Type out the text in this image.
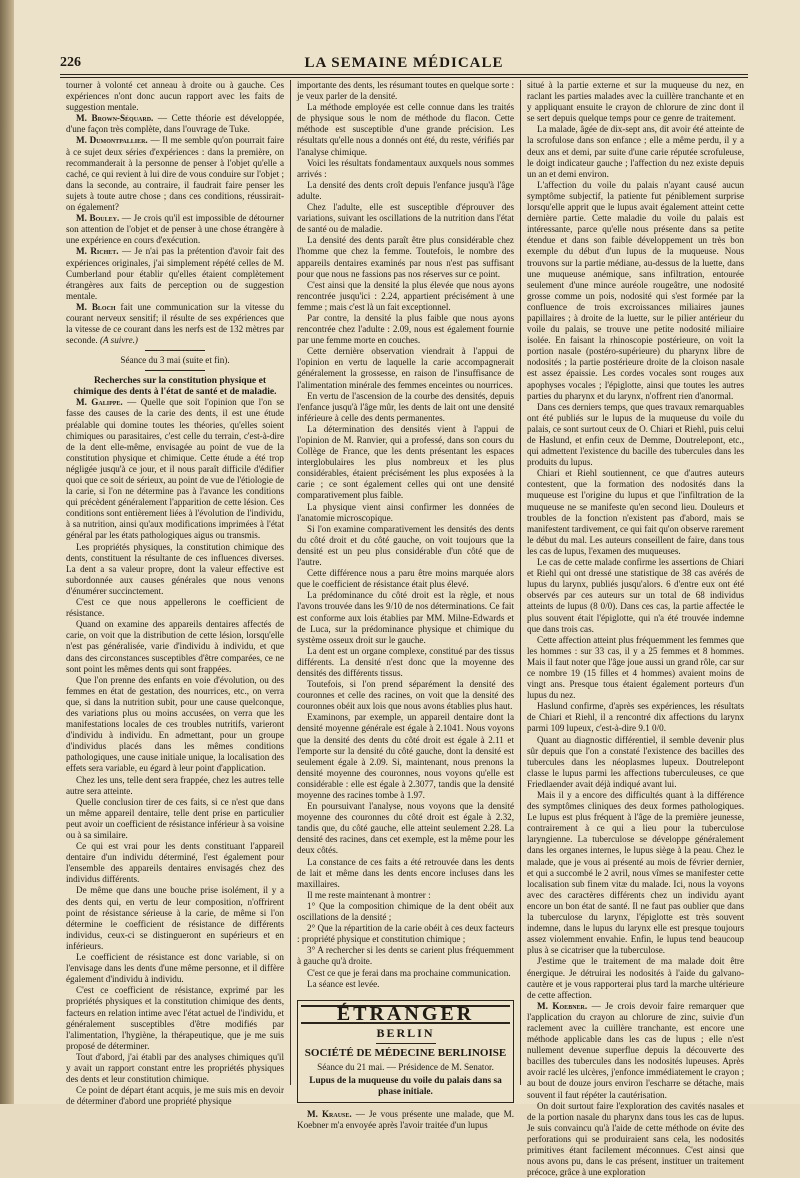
226	LA SEMAINE MÉDICALE

tourner à volonté cet anneau à droite ou à gauche. Ces expériences n'ont donc aucun rapport avec les faits de suggestion mentale.

M. Brown-Séquard. — Cette théorie est développée, d'une façon très complète, dans l'ouvrage de Tuke.

M. Dumontpallier. — Il me semble qu'on pourrait faire à ce sujet deux séries d'expériences : dans la première, on recommanderait à la personne de penser à l'objet qu'elle a caché, ce qui revient à lui dire de vous conduire sur l'objet ; dans la seconde, au contraire, il faudrait faire penser les sujets à toute autre chose ; dans ces conditions, réussirait-on également?

M. Bouley. — Je crois qu'il est impossible de détourner son attention de l'objet et de penser à une chose étrangère à une expérience en cours d'exécution.

M. Richet. — Je n'ai pas la prétention d'avoir fait des expériences originales, j'ai simplement répété celles de M. Cumberland pour établir qu'elles étaient complètement étrangères aux faits de perception ou de suggestion mentale.

M. Bloch fait une communication sur la vitesse du courant nerveux sensitif; il résulte de ses expériences que la vitesse de ce courant dans les nerfs est de 132 mètres par seconde. (A suivre.)

Séance du 3 mai (suite et fin).

Recherches sur la constitution physique et chimique des dents à l'état de santé et de maladie.

M. Galippe. — Quelle que soit l'opinion que l'on se fasse des causes de la carie des dents, il est une étude préalable qui domine toutes les théories, qu'elles soient chimiques ou parasitaires, c'est celle du terrain, c'est-à-dire de la dent elle-même, envisagée au point de vue de la constitution physique et chimique. Cette étude a été trop négligée jusqu'à ce jour, et il nous paraît difficile d'édifier quoi que ce soit de sérieux, au point de vue de l'étiologie de la carie, si l'on ne détermine pas à l'avance les conditions qui précèdent généralement l'apparition de cette lésion. Ces conditions sont entièrement liées à l'évolution de l'individu, à sa nutrition, ainsi qu'aux modifications imprimées à l'état général par les états pathologiques aigus ou transmis.

Les propriétés physiques, la constitution chimique des dents, constituent la résultante de ces influences diverses. La dent a sa valeur propre, dont la valeur effective est subordonnée aux causes générales que nous venons d'énumérer succinctement.

C'est ce que nous appellerons le coefficient de résistance.

Quand on examine des appareils dentaires affectés de carie, on voit que la distribution de cette lésion, lorsqu'elle n'est pas généralisée, varie d'individu à individu, et que dans des circonstances susceptibles d'être comparées, ce ne sont point les mêmes dents qui sont frappées.

Que l'on prenne des enfants en voie d'évolution, ou des femmes en état de gestation, des nourrices, etc., on verra que, si dans la nutrition subit, pour une cause quelconque, des variations plus ou moins accusées, on verra que les manifestations locales de ces troubles nutritifs, varieront d'individu à individu. En admettant, pour un groupe d'individus placés dans les mêmes conditions pathologiques, une cause initiale unique, la localisation des effets sera variable, eu égard à leur point d'application.

Chez les uns, telle dent sera frappée, chez les autres telle autre sera atteinte.

Quelle conclusion tirer de ces faits, si ce n'est que dans un même appareil dentaire, telle dent prise en particulier peut avoir un coefficient de résistance inférieur à sa voisine ou à sa similaire.

Ce qui est vrai pour les dents constituant l'appareil dentaire d'un individu déterminé, l'est également pour l'ensemble des appareils dentaires envisagés chez des individus différents.

De même que dans une bouche prise isolément, il y a des dents qui, en vertu de leur composition, n'offrirent point de résistance sérieuse à la carie, de même si l'on détermine le coefficient de résistance de différents individus, ceux-ci se distingueront en supérieurs et en inférieurs.

Le coefficient de résistance est donc variable, si on l'envisage dans les dents d'une même personne, et il diffère également d'individu à individu.

C'est ce coefficient de résistance, exprimé par les propriétés physiques et la constitution chimique des dents, facteurs en relation intime avec l'état actuel de l'individu, et généralement susceptibles d'être modifiés par l'alimentation, l'hygiène, la thérapeutique, que je me suis proposé de déterminer.

Tout d'abord, j'ai établi par des analyses chimiques qu'il y avait un rapport constant entre les propriétés physiques des dents et leur constitution chimique.

Ce point de départ étant acquis, je me suis mis en devoir de déterminer d'abord une propriété physique

importante des dents, les résumant toutes en quelque sorte : je veux parler de la densité.

La méthode employée est celle connue dans les traités de physique sous le nom de méthode du flacon. Cette méthode est susceptible d'une grande précision. Les résultats qu'elle nous a donnés ont été, du reste, vérifiés par l'analyse chimique.

Voici les résultats fondamentaux auxquels nous sommes arrivés :

La densité des dents croît depuis l'enfance jusqu'à l'âge adulte.

Chez l'adulte, elle est susceptible d'éprouver des variations, suivant les oscillations de la nutrition dans l'état de santé ou de maladie.

La densité des dents paraît être plus considérable chez l'homme que chez la femme. Toutefois, le nombre des appareils dentaires examinés par nous n'est pas suffisant pour que nous ne fassions pas nos réserves sur ce point.

C'est ainsi que la densité la plus élevée que nous ayons rencontrée jusqu'ici : 2.24, appartient précisément à une femme ; mais c'est là un fait exceptionnel.

Par contre, la densité la plus faible que nous ayons rencontrée chez l'adulte : 2.09, nous est également fournie par une femme morte en couches.

Cette dernière observation viendrait à l'appui de l'opinion en vertu de laquelle la carie accompagnerait généralement la grossesse, en raison de l'insuffisance de l'alimentation minérale des femmes enceintes ou nourrices.

En vertu de l'ascension de la courbe des densités, depuis l'enfance jusqu'à l'âge mûr, les dents de lait ont une densité inférieure à celle des dents permanentes.

La détermination des densités vient à l'appui de l'opinion de M. Ranvier, qui a professé, dans son cours du Collège de France, que les dents présentant les espaces interglobulaires les plus nombreux et les plus considérables, étaient précisément les plus exposées à la carie ; ce sont également celles qui ont une densité comparativement plus faible.

La physique vient ainsi confirmer les données de l'anatomie microscopique.

Si l'on examine comparativement les densités des dents du côté droit et du côté gauche, on voit toujours que la densité est un peu plus considérable d'un côté que de l'autre.

Cette différence nous a paru être moins marquée alors que le coefficient de résistance était plus élevé.

La prédominance du côté droit est la règle, et nous l'avons trouvée dans les 9/10 de nos déterminations. Ce fait est conforme aux lois établies par MM. Milne-Edwards et de Luca, sur la prédominance physique et chimique du système osseux droit sur le gauche.

La dent est un organe complexe, constitué par des tissus différents. La densité n'est donc que la moyenne des densités des différents tissus.

Toutefois, si l'on prend séparément la densité des couronnes et celle des racines, on voit que la densité des couronnes obéit aux lois que nous avons établies plus haut.

Examinons, par exemple, un appareil dentaire dont la densité moyenne générale est égale à 2.1041. Nous voyons que la densité des dents du côté droit est égale à 2.11 et l'emporte sur la densité du côté gauche, dont la densité est seulement égale à 2.09. Si, maintenant, nous prenons la densité moyenne des couronnes, nous voyons qu'elle est considérable : elle est égale à 2.3077, tandis que la densité moyenne des racines tombe à 1.97.

En poursuivant l'analyse, nous voyons que la densité moyenne des couronnes du côté droit est égale à 2.32, tandis que, du côté gauche, elle atteint seulement 2.28. La densité des racines, dans cet exemple, est la même pour les deux côtés.

La constance de ces faits a été retrouvée dans les dents de lait et même dans les dents encore incluses dans les maxillaires.

Il me reste maintenant à montrer :

1° Que la composition chimique de la dent obéit aux oscillations de la densité ;

2° Que la répartition de la carie obéit à ces deux facteurs : propriété physique et constitution chimique ;

3° A rechercher si les dents se carient plus fréquemment à gauche qu'à droite.

C'est ce que je ferai dans ma prochaine communication.

La séance est levée.

ÉTRANGER
BERLIN
SOCIÉTÉ DE MÉDECINE BERLINOISE
Séance du 21 mai. — Présidence de M. Senator.
Lupus de la muqueuse du voile du palais dans sa phase initiale.

M. Krause. — Je vous présente une malade, que M. Koebner m'a envoyée après l'avoir traitée d'un lupus

situé à la partie externe et sur la muqueuse du nez, en raclant les parties malades avec la cuillère tranchante et en y appliquant ensuite le crayon de chlorure de zinc dont il se sert depuis quelque temps pour ce genre de traitement.

La malade, âgée de dix-sept ans, dit avoir été atteinte de la scrofulose dans son enfance ; elle a même perdu, il y a deux ans et demi, par suite d'une carie réputée scrofuleuse, le doigt indicateur gauche ; l'affection du nez existe depuis un an et demi environ.

L'affection du voile du palais n'ayant causé aucun symptôme subjectif, la patiente fut péniblement surprise lorsqu'elle apprit que le lupus avait également atteint cette dernière partie. Cette maladie du voile du palais est intéressante, parce qu'elle nous présente dans sa petite étendue et dans son faible développement un très bon exemple du début d'un lupus de la muqueuse. Nous trouvons sur la partie médiane, au-dessus de la luette, dans une muqueuse anémique, sans infiltration, entourée seulement d'une mince auréole rougeâtre, une nodosité grosse comme un pois, nodosité qui s'est formée par la confluence de trois excroissances miliaires jaunes papillaires ; à droite de la luette, sur le pilier antérieur du voile du palais, se trouve une petite nodosité miliaire isolée. En faisant la rhinoscopie postérieure, on voit la portion nasale (postéro-supérieure) du pharynx libre de nodosités ; la partie postérieure droite de la cloison nasale est assez épaissie. Les cordes vocales sont rouges aux apophyses vocales ; l'épiglotte, ainsi que toutes les autres parties du pharynx et du larynx, n'offrent rien d'anormal.

Dans ces derniers temps, que ques travaux remarquables ont été publiés sur le lupus de la muqueuse du voile du palais, ce sont surtout ceux de O. Chiari et Riehl, puis celui de Haslund, et enfin ceux de Demme, Doutrelepont, etc., qui admettent l'existence du bacille des tubercules dans les produits du lupus.

Chiari et Riehl soutiennent, ce que d'autres auteurs contestent, que la formation des nodosités dans la muqueuse est l'origine du lupus et que l'infiltration de la muqueuse ne se manifeste qu'en second lieu. Douleurs et troubles de la fonction n'existent pas d'abord, mais se manifestent tardivement, ce qui fait qu'on observe rarement le début du mal. Les auteurs conseillent de faire, dans tous les cas de lupus, l'examen des muqueuses.

Le cas de cette malade confirme les assertions de Chiari et Riehl qui ont dressé une statistique de 38 cas avérés de lupus du larynx, publiés jusqu'alors. 6 d'entre eux ont été observés par ces auteurs sur un total de 68 individus atteints de lupus (8 0/0). Dans ces cas, la partie affectée le plus souvent était l'épiglotte, qui n'a été trouvée indemne que dans trois cas.

Cette affection atteint plus fréquemment les femmes que les hommes : sur 33 cas, il y a 25 femmes et 8 hommes. Mais il faut noter que l'âge joue aussi un grand rôle, car sur ce nombre 19 (15 filles et 4 hommes) avaient moins de vingt ans. Presque tous étaient également porteurs d'un lupus du nez.

Haslund confirme, d'après ses expériences, les résultats de Chiari et Riehl, il a rencontré dix affections du larynx parmi 109 lupeux, c'est-à-dire 9.1 0/0.

Quant au diagnostic différentiel, il semble devenir plus sûr depuis que l'on a constaté l'existence des bacilles des tubercules dans les néoplasmes lupeux. Doutrelepont classe le lupus parmi les affections tuberculeuses, ce que Friedlaender avait déjà indiqué avant lui.

Mais il y a encore des difficultés quant à la différence des symptômes cliniques des deux formes pathologiques. Le lupus est plus fréquent à l'âge de la première jeunesse, contrairement à ce qui a lieu pour la tuberculose laryngienne. La tuberculose se développe généralement dans les organes internes, le lupus siège à la peau. Chez le malade, que je vous ai présenté au mois de février dernier, et qui a succombé le 2 avril, nous vîmes se manifester cette localisation sub finem vitæ du malade. Ici, nous la voyons avec des caractères différents chez un individu ayant encore un bon état de santé. Il ne faut pas oublier que dans la tuberculose du larynx, l'épiglotte est très souvent indemne, dans le lupus du larynx elle est presque toujours assez violemment envahie. Enfin, le lupus tend beaucoup plus à se cicatriser que la tuberculose.

J'estime que le traitement de ma malade doit être énergique. Je détruirai les nodosités à l'aide du galvano-cautère et je vous rapporterai plus tard la marche ultérieure de cette affection.

M. Koebner. — Je crois devoir faire remarquer que l'application du crayon au chlorure de zinc, suivie d'un raclement avec la cuillère tranchante, est encore une méthode applicable dans les cas de lupus ; elle n'est nullement devenue superflue depuis la découverte des bacilles des tubercules dans les nodosités lupeuses. Après avoir raclé les ulcères, j'enfonce immédiatement le crayon ; au bout de douze jours environ l'escharre se détache, mais souvent il faut répéter la cautérisation.

On doit surtout faire l'exploration des cavités nasales et de la portion nasale du pharynx dans tous les cas de lupus. Je suis convaincu qu'à l'aide de cette méthode on évite des perforations qui se produiraient sans cela, les nodosités primitives étant facilement méconnues. C'est ainsi que nous avons pu, dans le cas présent, instituer un traitement précoce, grâce à une exploration
